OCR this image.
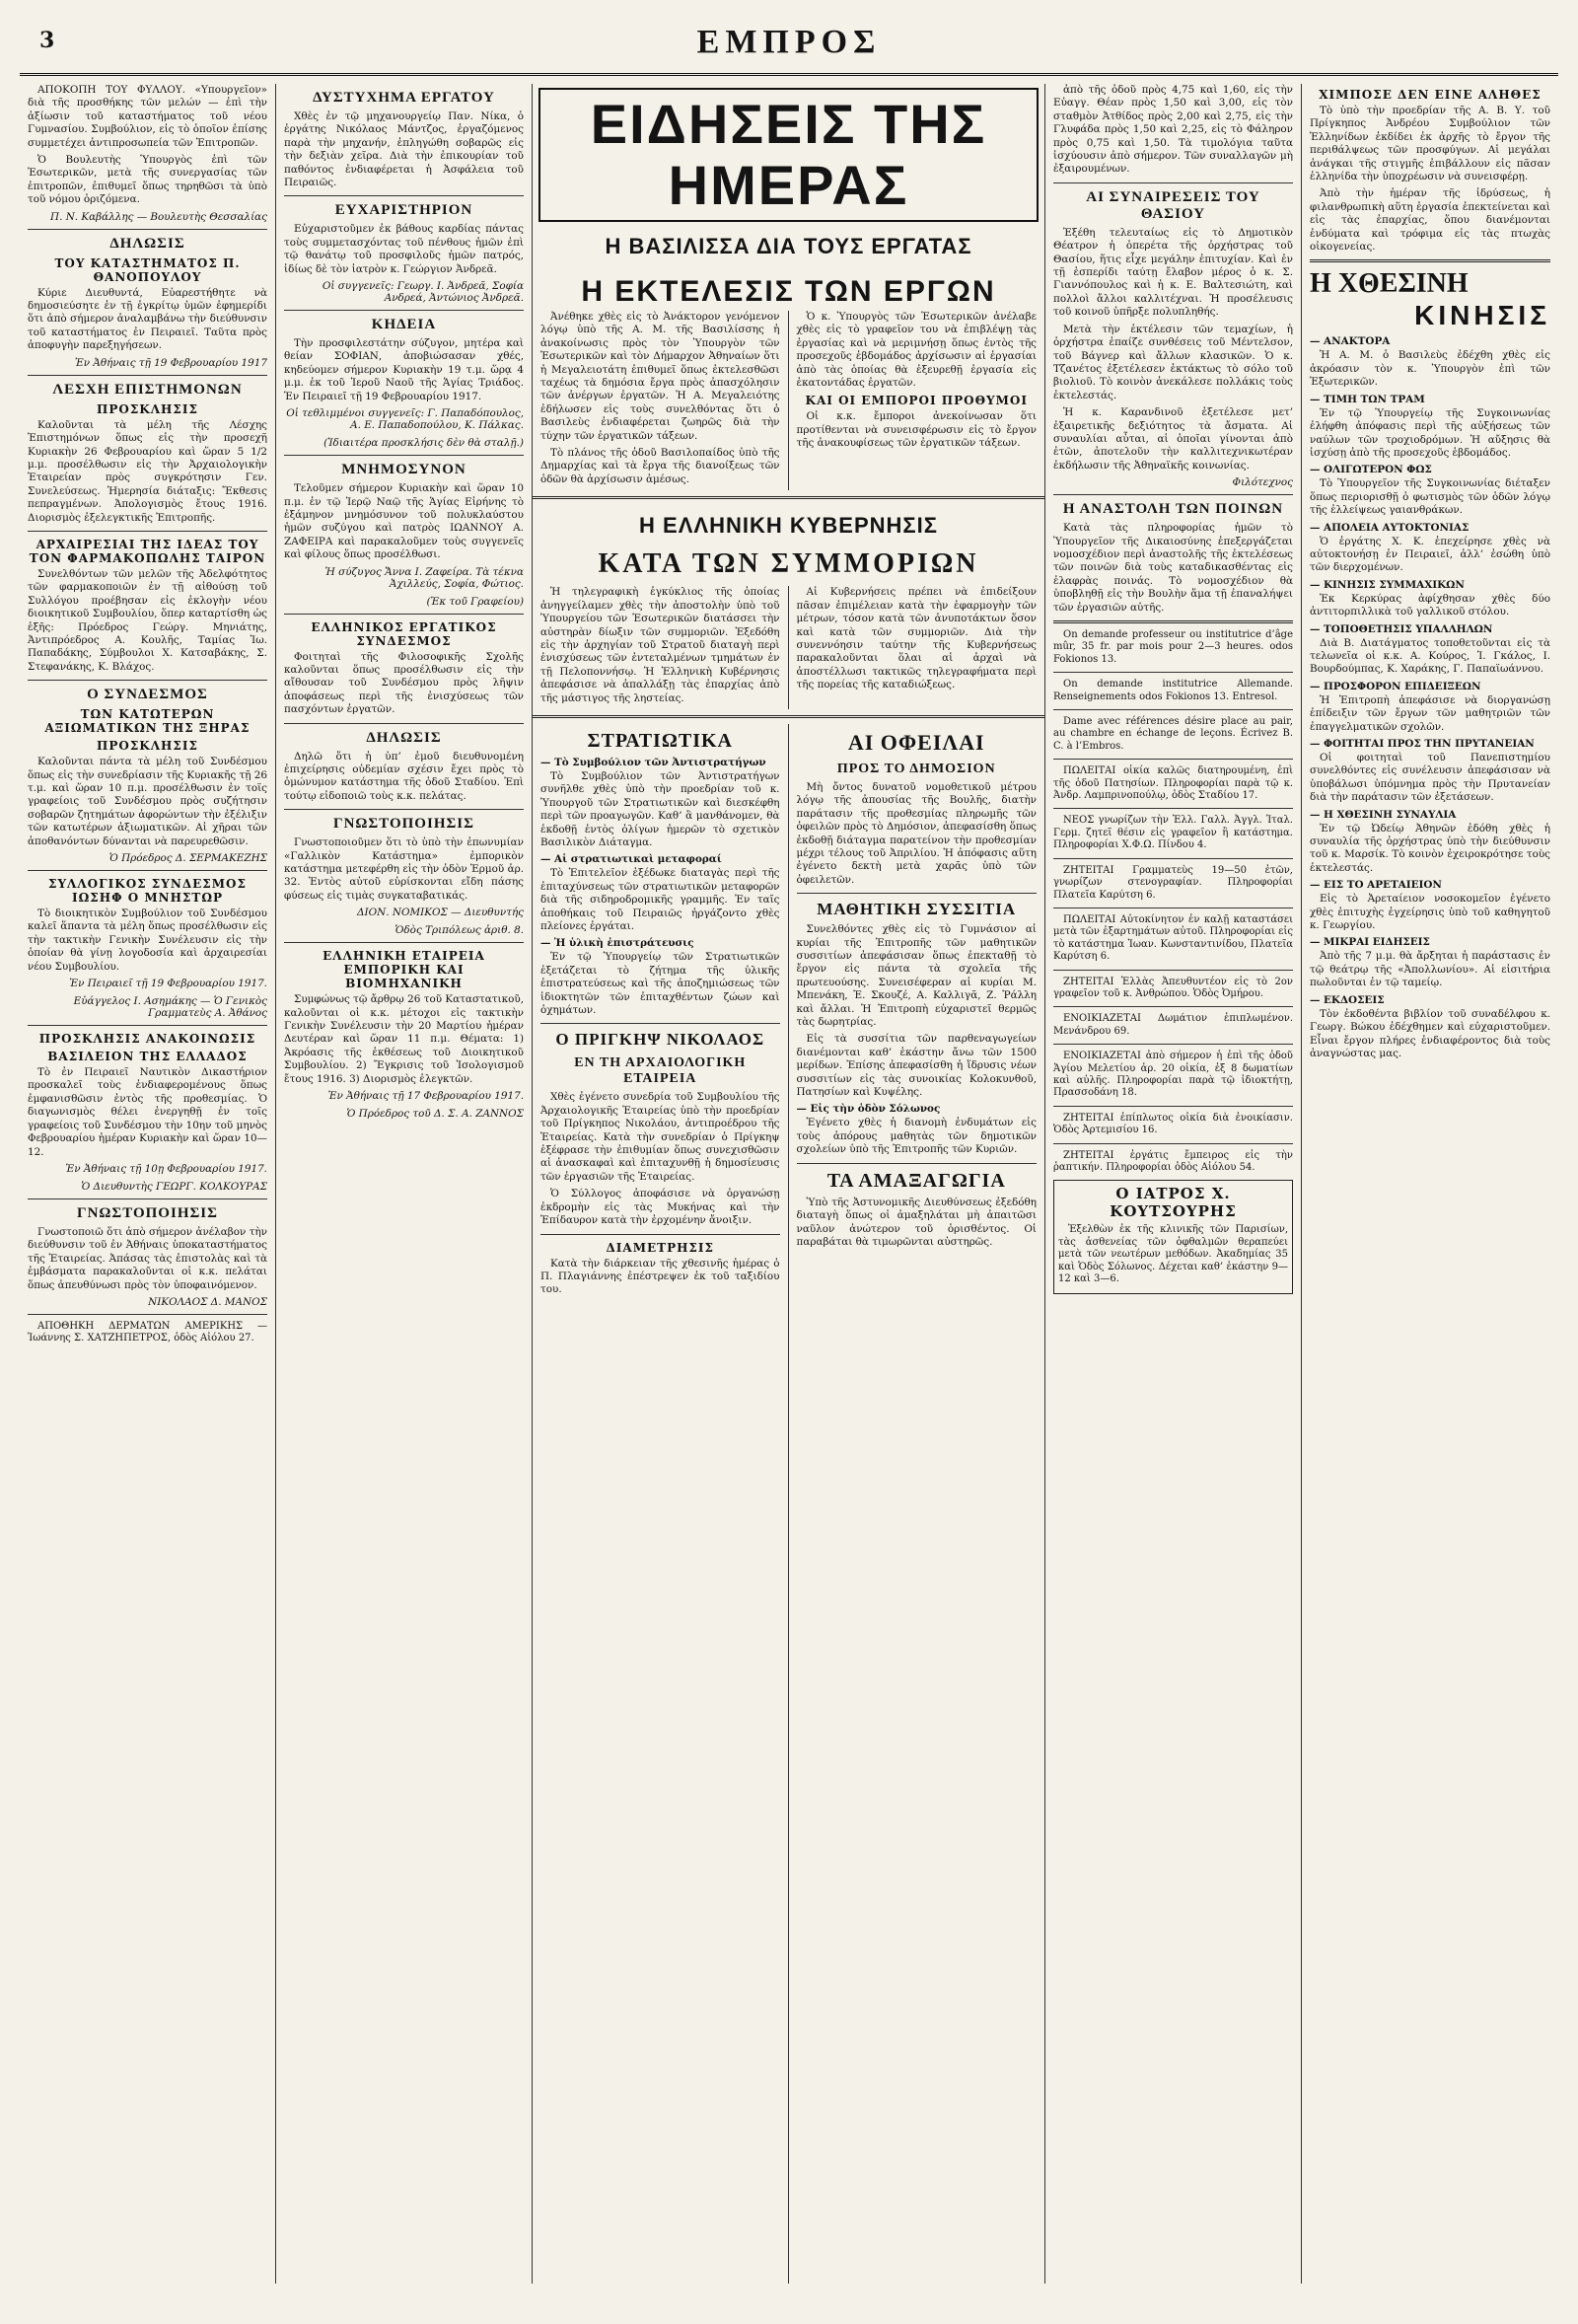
3	ΕΜΠΡΟΣ

ΑΠΟΚΟΠΗ ΤΟΥ ΦΥΛΛΟΥ. «Υπουργεῖον» διὰ τῆς προσθήκης τῶν μελών — ἐπὶ τὴν ἀξίωσιν τοῦ καταστήματος τοῦ νέου Γυμνασίου. Συμβούλιον, εἰς τὸ ὁποῖον ἐπίσης συμμετέχει ἀντιπροσωπεία τῶν Ἐπιτροπῶν.

Ὁ Βουλευτὴς Ὑπουργὸς ἐπὶ τῶν Ἐσωτερικῶν, μετὰ τῆς συνεργασίας τῶν ἐπιτροπῶν, ἐπιθυμεῖ ὅπως τηρηθῶσι τὰ ὑπὸ τοῦ νόμου ὁριζόμενα.

Π. Ν. Καβάλλης — Βουλευτὴς Θεσσαλίας
ΔΗΛΩΣΙΣ
ΤΟΥ ΚΑΤΑΣΤΗΜΑΤΟΣ Π. ΘΑΝΟΠΟΥΛΟΥ

Κύριε Διευθυντά, Εὐαρεστήθητε νὰ δημοσιεύσητε ἐν τῇ ἐγκρίτῳ ὑμῶν ἐφημερίδι ὅτι ἀπὸ σήμερον ἀναλαμβάνω τὴν διεύθυνσιν τοῦ καταστήματος ἐν Πειραιεῖ. Ταῦτα πρὸς ἀποφυγὴν παρεξηγήσεων.

Ἐν Ἀθήναις τῇ 19 Φεβρουαρίου 1917
ΛΕΣΧΗ ΕΠΙΣΤΗΜΟΝΩΝ
ΠΡΟΣΚΛΗΣΙΣ

Καλοῦνται τὰ μέλη τῆς Λέσχης Ἐπιστημόνων ὅπως εἰς τὴν προσεχῆ Κυριακὴν 26 Φεβρουαρίου καὶ ὥραν 5 1/2 μ.μ. προσέλθωσιν εἰς τὴν Ἀρχαιολογικὴν Ἑταιρείαν πρὸς συγκρότησιν Γεν. Συνελεύσεως. Ἡμερησία διάταξις: Ἔκθεσις πεπραγμένων. Ἀπολογισμὸς ἔτους 1916. Διορισμὸς ἐξελεγκτικῆς Ἐπιτροπῆς.

ΑΡΧΑΙΡΕΣΙΑΙ ΤΗΣ ΙΔΕΑΣ ΤΟΥ ΤΟΝ ΦΑΡΜΑΚΟΠΩΛΗΣ ΤΑΙΡΟΝ

Συνελθόντων τῶν μελῶν τῆς Ἀδελφότητος τῶν φαρμακοποιῶν ἐν τῇ αἰθούσῃ τοῦ Συλλόγου προέβησαν εἰς ἐκλογὴν νέου διοικητικοῦ Συμβουλίου, ὅπερ καταρτίσθη ὡς ἑξῆς: Πρόεδρος Γεώργ. Μηνιάτης, Ἀντιπρόεδρος Α. Κουλῆς, Ταμίας Ἰω. Παπαδάκης, Σύμβουλοι Χ. Κατσαβάκης, Σ. Στεφανάκης, Κ. Βλάχος.

Ο ΣΥΝΔΕΣΜΟΣ
ΤΩΝ ΚΑΤΩΤΕΡΩΝ ΑΞΙΩΜΑΤΙΚΩΝ ΤΗΣ ΞΗΡΑΣ
ΠΡΟΣΚΛΗΣΙΣ

Καλοῦνται πάντα τὰ μέλη τοῦ Συνδέσμου ὅπως εἰς τὴν συνεδρίασιν τῆς Κυριακῆς τῇ 26 τ.μ. καὶ ὥραν 10 π.μ. προσέλθωσιν ἐν τοῖς γραφείοις τοῦ Συνδέσμου πρὸς συζήτησιν σοβαρῶν ζητημάτων ἀφορώντων τὴν ἐξέλιξιν τῶν κατωτέρων ἀξιωματικῶν. Αἱ χῆραι τῶν ἀποθανόντων δύνανται νὰ παρευρεθῶσιν.

Ὁ Πρόεδρος Δ. ΣΕΡΜΑΚΕΖΗΣ
ΣΥΛΛΟΓΙΚΟΣ ΣΥΝΔΕΣΜΟΣ ΙΩΣΗΦ Ο ΜΝΗΣΤΩΡ

Τὸ διοικητικὸν Συμβούλιον τοῦ Συνδέσμου καλεῖ ἅπαντα τὰ μέλη ὅπως προσέλθωσιν εἰς τὴν τακτικὴν Γενικὴν Συνέλευσιν εἰς τὴν ὁποίαν θὰ γίνῃ λογοδοσία καὶ ἀρχαιρεσίαι νέου Συμβουλίου.

Ἐν Πειραιεῖ τῇ 19 Φεβρουαρίου 1917.
Εὐάγγελος Ι. Ασημάκης — Ὁ Γενικὸς Γραμματεὺς Α. Ἀθάνος
ΠΡΟΣΚΛΗΣΙΣ ΑΝΑΚΟΙΝΩΣΙΣ
ΒΑΣΙΛΕΙΟΝ ΤΗΣ ΕΛΛΑΔΟΣ

Τὸ ἐν Πειραιεῖ Ναυτικὸν Δικαστήριον προσκαλεῖ τοὺς ἐνδιαφερομένους ὅπως ἐμφανισθῶσιν ἐντὸς τῆς προθεσμίας. Ὁ διαγωνισμὸς θέλει ἐνεργηθῇ ἐν τοῖς γραφείοις τοῦ Συνδέσμου τὴν 10ην τοῦ μηνὸς Φεβρουαρίου ἡμέραν Κυριακὴν καὶ ὥραν 10—12.

Ἐν Ἀθήναις τῇ 10ῃ Φεβρουαρίου 1917.
Ὁ Διευθυντὴς ΓΕΩΡΓ. ΚΟΛΚΟΥΡΑΣ
ΓΝΩΣΤΟΠΟΙΗΣΙΣ

Γνωστοποιῶ ὅτι ἀπὸ σήμερον ἀνέλαβον τὴν διεύθυνσιν τοῦ ἐν Ἀθήναις ὑποκαταστήματος τῆς Ἑταιρείας. Ἀπάσας τὰς ἐπιστολὰς καὶ τὰ ἐμβάσματα παρακαλοῦνται οἱ κ.κ. πελάται ὅπως ἀπευθύνωσι πρὸς τὸν ὑποφαινόμενον.

ΝΙΚΟΛΑΟΣ Δ. ΜΑΝΟΣ

ΑΠΟΘΗΚΗ ΔΕΡΜΑΤΩΝ ΑΜΕΡΙΚΗΣ — Ἰωάννης Σ. ΧΑΤΖΗΠΕΤΡΟΣ, ὁδὸς Αἰόλου 27.

ΔΥΣΤΥΧΗΜΑ ΕΡΓΑΤΟΥ

Χθὲς ἐν τῷ μηχανουργείῳ Παν. Νίκα, ὁ ἐργάτης Νικόλαος Μάντζος, ἐργαζόμενος παρὰ τὴν μηχανήν, ἐπληγώθη σοβαρῶς εἰς τὴν δεξιὰν χεῖρα. Διὰ τὴν ἐπικουρίαν τοῦ παθόντος ἐνδιαφέρεται ἡ Ἀσφάλεια τοῦ Πειραιῶς.

ΕΥΧΑΡΙΣΤΗΡΙΟΝ

Εὐχαριστοῦμεν ἐκ βάθους καρδίας πάντας τοὺς συμμετασχόντας τοῦ πένθους ἡμῶν ἐπὶ τῷ θανάτῳ τοῦ προσφιλοῦς ἡμῶν πατρός, ἰδίως δὲ τὸν ἰατρὸν κ. Γεώργιον Ἀνδρεᾶ.

Οἱ συγγενεῖς: Γεωργ. Ι. Ἀνδρεᾶ, Σοφία Ανδρεά, Ἀντώνιος Ἀνδρεᾶ.
ΚΗΔΕΙΑ

Τὴν προσφιλεστάτην σύζυγον, μητέρα καὶ θείαν ΣΟΦΙΑΝ, ἀποβιώσασαν χθές, κηδεύομεν σήμερον Κυριακὴν 19 τ.μ. ὥρᾳ 4 μ.μ. ἐκ τοῦ Ἱεροῦ Ναοῦ τῆς Ἁγίας Τριάδος. Ἐν Πειραιεῖ τῇ 19 Φεβρουαρίου 1917.

Οἱ τεθλιμμένοι συγγενεῖς: Γ. Παπαδόπουλος, Α. Ε. Παπαδοπούλου, Κ. Πάλκας.
(Ἰδιαιτέρα προσκλήσις δὲν θὰ σταλῇ.)
ΜΝΗΜΟΣΥΝΟΝ

Τελοῦμεν σήμερον Κυριακὴν καὶ ὥραν 10 π.μ. ἐν τῷ Ἱερῷ Ναῷ τῆς Ἁγίας Εἰρήνης τὸ ἐξάμηνον μνημόσυνον τοῦ πολυκλαύστου ἡμῶν συζύγου καὶ πατρὸς ΙΩΑΝΝΟΥ Α. ΖΑΦΕΙΡΑ καὶ παρακαλοῦμεν τοὺς συγγενεῖς καὶ φίλους ὅπως προσέλθωσι.

Ἡ σύζυγος Ἄννα Ι. Ζαφείρα. Τὰ τέκνα Ἀχιλλεύς, Σοφία, Φώτιος.
(Ἐκ τοῦ Γραφείου)
ΕΛΛΗΝΙΚΟΣ ΕΡΓΑΤΙΚΟΣ ΣΥΝΔΕΣΜΟΣ

Φοιτηταὶ τῆς Φιλοσοφικῆς Σχολῆς καλοῦνται ὅπως προσέλθωσιν εἰς τὴν αἴθουσαν τοῦ Συνδέσμου πρὸς λῆψιν ἀποφάσεως περὶ τῆς ἐνισχύσεως τῶν πασχόντων ἐργατῶν.

ΔΗΛΩΣΙΣ

Δηλῶ ὅτι ἡ ὑπ’ ἐμοῦ διευθυνομένη ἐπιχείρησις οὐδεμίαν σχέσιν ἔχει πρὸς τὸ ὁμώνυμον κατάστημα τῆς ὁδοῦ Σταδίου. Ἐπὶ τούτῳ εἰδοποιῶ τοὺς κ.κ. πελάτας.

ΓΝΩΣΤΟΠΟΙΗΣΙΣ

Γνωστοποιοῦμεν ὅτι τὸ ὑπὸ τὴν ἐπωνυμίαν «Γαλλικὸν Κατάστημα» ἐμπορικὸν κατάστημα μετεφέρθη εἰς τὴν ὁδὸν Ἑρμοῦ ἀρ. 32. Ἐντὸς αὐτοῦ εὑρίσκονται εἴδη πάσης φύσεως εἰς τιμὰς συγκαταβατικάς.

ΔΙΟΝ. ΝΟΜΙΚΟΣ — Διευθυντής
Ὁδὸς Τριπόλεως ἀριθ. 8.
ΕΛΛΗΝΙΚΗ ΕΤΑΙΡΕΙΑ ΕΜΠΟΡΙΚΗ ΚΑΙ ΒΙΟΜΗΧΑΝΙΚΗ

Συμφώνως τῷ ἄρθρῳ 26 τοῦ Καταστατικοῦ, καλοῦνται οἱ κ.κ. μέτοχοι εἰς τακτικὴν Γενικὴν Συνέλευσιν τὴν 20 Μαρτίου ἡμέραν Δευτέραν καὶ ὥραν 11 π.μ. Θέματα: 1) Ἀκρόασις τῆς ἐκθέσεως τοῦ Διοικητικοῦ Συμβουλίου. 2) Ἔγκρισις τοῦ Ἰσολογισμοῦ ἔτους 1916. 3) Διορισμὸς ἐλεγκτῶν.

Ἐν Ἀθήναις τῇ 17 Φεβρουαρίου 1917.
Ὁ Πρόεδρος τοῦ Δ. Σ. Α. ΖΑΝΝΟΣ
ΕΙΔΗΣΕΙΣ ΤΗΣ ΗΜΕΡΑΣ
Η ΒΑΣΙΛΙΣΣΑ ΔΙΑ ΤΟΥΣ ΕΡΓΑΤΑΣ
Η ΕΚΤΕΛΕΣΙΣ ΤΩΝ ΕΡΓΩΝ

Ἀνέθηκε χθὲς εἰς τὸ Ἀνάκτορον γενόμενον λόγῳ ὑπὸ τῆς Α. Μ. τῆς Βασιλίσσης ἡ ἀνακοίνωσις πρὸς τὸν Ὑπουργὸν τῶν Ἐσωτερικῶν καὶ τὸν Δήμαρχον Ἀθηναίων ὅτι ἡ Μεγαλειοτάτη ἐπιθυμεῖ ὅπως ἐκτελεσθῶσι ταχέως τὰ δημόσια ἔργα πρὸς ἀπασχόλησιν τῶν ἀνέργων ἐργατῶν. Ἡ Α. Μεγαλειότης ἐδήλωσεν εἰς τοὺς συνελθόντας ὅτι ὁ Βασιλεὺς ἐνδιαφέρεται ζωηρῶς διὰ τὴν τύχην τῶν ἐργατικῶν τάξεων.

Τὸ πλάνος τῆς ὁδοῦ Βασιλοπαίδος ὑπὸ τῆς Δημαρχίας καὶ τὰ ἔργα τῆς διανοίξεως τῶν ὁδῶν θὰ ἀρχίσωσιν ἀμέσως.

Ὁ κ. Ὑπουργὸς τῶν Ἐσωτερικῶν ἀνέλαβε χθὲς εἰς τὸ γραφεῖον του νὰ ἐπιβλέψῃ τὰς ἐργασίας καὶ νὰ μεριμνήσῃ ὅπως ἐντὸς τῆς προσεχοῦς ἑβδομάδος ἀρχίσωσιν αἱ ἐργασίαι ἀπὸ τὰς ὁποίας θὰ ἐξευρεθῇ ἐργασία εἰς ἑκατοντάδας ἐργατῶν.

ΚΑΙ ΟΙ ΕΜΠΟΡΟΙ ΠΡΟΘΥΜΟΙ

Οἱ κ.κ. ἔμποροι ἀνεκοίνωσαν ὅτι προτίθενται νὰ συνεισφέρωσιν εἰς τὸ ἔργον τῆς ἀνακουφίσεως τῶν ἐργατικῶν τάξεων.

Η ΕΛΛΗΝΙΚΗ ΚΥΒΕΡΝΗΣΙΣ
ΚΑΤΑ ΤΩΝ ΣΥΜΜΟΡΙΩΝ

Ἡ τηλεγραφικὴ ἐγκύκλιος τῆς ὁποίας ἀνηγγείλαμεν χθὲς τὴν ἀποστολὴν ὑπὸ τοῦ Ὑπουργείου τῶν Ἐσωτερικῶν διατάσσει τὴν αὐστηρὰν δίωξιν τῶν συμμοριῶν. Ἐξεδόθη εἰς τὴν ἀρχηγίαν τοῦ Στρατοῦ διαταγὴ περὶ ἐνισχύσεως τῶν ἐντεταλμένων τμημάτων ἐν τῇ Πελοποννήσῳ. Ἡ Ἑλληνικὴ Κυβέρνησις ἀπεφάσισε νὰ ἀπαλλάξῃ τὰς ἐπαρχίας ἀπὸ τῆς μάστιγος τῆς ληστείας.

Αἱ Κυβερνήσεις πρέπει νὰ ἐπιδείξουν πᾶσαν ἐπιμέλειαν κατὰ τὴν ἐφαρμογὴν τῶν μέτρων, τόσον κατὰ τῶν ἀνυποτάκτων ὅσον καὶ κατὰ τῶν συμμοριῶν. Διὰ τὴν συνεννόησιν ταύτην τῆς Κυβερνήσεως παρακαλοῦνται ὅλαι αἱ ἀρχαὶ νὰ ἀποστέλλωσι τακτικῶς τηλεγραφήματα περὶ τῆς πορείας τῆς καταδιώξεως.

ΣΤΡΑΤΙΩΤΙΚΑ
— Τὸ Συμβούλιον τῶν Ἀντιστρατήγων

Τὸ Συμβούλιον τῶν Ἀντιστρατήγων συνῆλθε χθὲς ὑπὸ τὴν προεδρίαν τοῦ κ. Ὑπουργοῦ τῶν Στρατιωτικῶν καὶ διεσκέφθη περὶ τῶν προαγωγῶν. Καθ’ ἃ μανθάνομεν, θὰ ἐκδοθῇ ἐντὸς ὀλίγων ἡμερῶν τὸ σχετικὸν Βασιλικὸν Διάταγμα.

— Αἱ στρατιωτικαὶ μεταφοραί

Τὸ Ἐπιτελεῖον ἐξέδωκε διαταγὰς περὶ τῆς ἐπιταχύνσεως τῶν στρατιωτικῶν μεταφορῶν διὰ τῆς σιδηροδρομικῆς γραμμῆς. Ἐν ταῖς ἀποθήκαις τοῦ Πειραιῶς ἠργάζοντο χθὲς πλείονες ἐργάται.

— Ἡ ὑλικὴ ἐπιστράτευσις

Ἐν τῷ Ὑπουργείῳ τῶν Στρατιωτικῶν ἐξετάζεται τὸ ζήτημα τῆς ὑλικῆς ἐπιστρατεύσεως καὶ τῆς ἀποζημιώσεως τῶν ἰδιοκτητῶν τῶν ἐπιταχθέντων ζώων καὶ ὀχημάτων.

Ο ΠΡΙΓΚΗΨ ΝΙΚΟΛΑΟΣ
ΕΝ ΤΗ ΑΡΧΑΙΟΛΟΓΙΚΗ ΕΤΑΙΡΕΙΑ

Χθὲς ἐγένετο συνεδρία τοῦ Συμβουλίου τῆς Ἀρχαιολογικῆς Ἑταιρείας ὑπὸ τὴν προεδρίαν τοῦ Πρίγκηπος Νικολάου, ἀντιπροέδρου τῆς Ἑταιρείας. Κατὰ τὴν συνεδρίαν ὁ Πρίγκηψ ἐξέφρασε τὴν ἐπιθυμίαν ὅπως συνεχισθῶσιν αἱ ἀνασκαφαὶ καὶ ἐπιταχυνθῇ ἡ δημοσίευσις τῶν ἐργασιῶν τῆς Ἑταιρείας.

Ὁ Σύλλογος ἀποφάσισε νὰ ὀργανώσῃ ἐκδρομὴν εἰς τὰς Μυκήνας καὶ τὴν Ἐπίδαυρον κατὰ τὴν ἐρχομένην ἄνοιξιν.

ΔΙΑΜΕΤΡΗΣΙΣ

Κατὰ τὴν διάρκειαν τῆς χθεσινῆς ἡμέρας ὁ Π. Πλαγιάννης ἐπέστρεψεν ἐκ τοῦ ταξιδίου του.

ΑΙ ΟΦΕΙΛΑΙ
ΠΡΟΣ ΤΟ ΔΗΜΟΣΙΟΝ

Μὴ ὄντος δυνατοῦ νομοθετικοῦ μέτρου λόγῳ τῆς ἀπουσίας τῆς Βουλῆς, διατὴν παράτασιν τῆς προθεσμίας πληρωμῆς τῶν ὀφειλῶν πρὸς τὸ Δημόσιον, ἀπεφασίσθη ὅπως ἐκδοθῇ διάταγμα παρατείνον τὴν προθεσμίαν μέχρι τέλους τοῦ Ἀπριλίου. Ἡ ἀπόφασις αὕτη ἐγένετο δεκτὴ μετὰ χαρᾶς ὑπὸ τῶν ὀφειλετῶν.

ΜΑΘΗΤΙΚΗ ΣΥΣΣΙΤΙΑ

Συνελθόντες χθὲς εἰς τὸ Γυμνάσιον αἱ κυρίαι τῆς Ἐπιτροπῆς τῶν μαθητικῶν συσσιτίων ἀπεφάσισαν ὅπως ἐπεκταθῇ τὸ ἔργον εἰς πάντα τὰ σχολεῖα τῆς πρωτευούσης. Συνεισέφεραν αἱ κυρίαι Μ. Μπενάκη, Ἑ. Σκουζέ, Α. Καλλιγᾶ, Ζ. Ῥάλλη καὶ ἄλλαι. Ἡ Ἐπιτροπὴ εὐχαριστεῖ θερμῶς τὰς δωρητρίας.

Εἰς τὰ συσσίτια τῶν παρθεναγωγείων διανέμονται καθ’ ἑκάστην ἄνω τῶν 1500 μερίδων. Ἐπίσης ἀπεφασίσθη ἡ ἵδρυσις νέων συσσιτίων εἰς τὰς συνοικίας Κολοκυνθοῦ, Πατησίων καὶ Κυψέλης.

— Εἰς τὴν ὁδὸν Σόλωνος

Ἐγένετο χθὲς ἡ διανομὴ ἐνδυμάτων εἰς τοὺς ἀπόρους μαθητὰς τῶν δημοτικῶν σχολείων ὑπὸ τῆς Ἐπιτροπῆς τῶν Κυριῶν.

ΤΑ ΑΜΑΞΑΓΩΓΙΑ

Ὑπὸ τῆς Ἀστυνομικῆς Διευθύνσεως ἐξεδόθη διαταγὴ ὅπως οἱ ἀμαξηλάται μὴ ἀπαιτῶσι ναῦλον ἀνώτερον τοῦ ὁρισθέντος. Οἱ παραβάται θὰ τιμωρῶνται αὐστηρῶς.

ἀπὸ τῆς ὁδοῦ πρὸς 4,75 καὶ 1,60, εἰς τὴν Εὐαγγ. Θέαν πρὸς 1,50 καὶ 3,00, εἰς τὸν σταθμὸν Ἀτθίδος πρὸς 2,00 καὶ 2,75, εἰς τὴν Γλυφάδα πρὸς 1,50 καὶ 2,25, εἰς τὸ Φάληρον πρὸς 0,75 καὶ 1,50. Τὰ τιμολόγια ταῦτα ἰσχύουσιν ἀπὸ σήμερον. Τῶν συναλλαγῶν μὴ ἐξαιρουμένων.

ΑΙ ΣΥΝΑΙΡΕΣΕΙΣ ΤΟΥ ΘΑΣΙΟΥ

Ἐξέθη τελευταίως εἰς τὸ Δημοτικὸν Θέατρον ἡ ὀπερέτα τῆς ὀρχήστρας τοῦ Θασίου, ἥτις εἶχε μεγάλην ἐπιτυχίαν. Καὶ ἐν τῇ ἑσπερίδι ταύτῃ ἔλαβον μέρος ὁ κ. Σ. Γιαννόπουλος καὶ ἡ κ. Ε. Βαλτεσιώτη, καὶ πολλοὶ ἄλλοι καλλιτέχναι. Ἡ προσέλευσις τοῦ κοινοῦ ὑπῆρξε πολυπληθής.

Μετὰ τὴν ἐκτέλεσιν τῶν τεμαχίων, ἡ ὀρχήστρα ἐπαίζε συνθέσεις τοῦ Μέντελσον, τοῦ Βάγνερ καὶ ἄλλων κλασικῶν. Ὁ κ. Τζανέτος ἐξετέλεσεν ἐκτάκτως τὸ σόλο τοῦ βιολιοῦ. Τὸ κοινὸν ἀνεκάλεσε πολλάκις τοὺς ἐκτελεστάς.

Ἡ κ. Καρανδινοῦ ἐξετέλεσε μετ’ ἐξαιρετικῆς δεξιότητος τὰ ἄσματα. Αἱ συναυλίαι αὗται, αἱ ὁποῖαι γίνονται ἀπὸ ἐτῶν, ἀποτελοῦν τὴν καλλιτεχνικωτέραν ἐκδήλωσιν τῆς Ἀθηναϊκῆς κοινωνίας.

Φιλότεχνος
Η ΑΝΑΣΤΟΛΗ ΤΩΝ ΠΟΙΝΩΝ

Κατὰ τὰς πληροφορίας ἡμῶν τὸ Ὑπουργεῖον τῆς Δικαιοσύνης ἐπεξεργάζεται νομοσχέδιον περὶ ἀναστολῆς τῆς ἐκτελέσεως τῶν ποινῶν διὰ τοὺς καταδικασθέντας εἰς ἐλαφρὰς ποινάς. Τὸ νομοσχέδιον θὰ ὑποβληθῇ εἰς τὴν Βουλὴν ἅμα τῇ ἐπαναλήψει τῶν ἐργασιῶν αὐτῆς.

On demande professeur ou institutrice d’âge mûr, 35 fr. par mois pour 2—3 heures. odos Fokionos 13.

On demande institutrice Allemande. Renseignements odos Fokionos 13. Entresol.

Dame avec références désire place au pair, au chambre en échange de leçons. Écrivez B. C. à l’Embros.

ΠΩΛΕΙΤΑΙ οἰκία καλῶς διατηρουμένη, ἐπὶ τῆς ὁδοῦ Πατησίων. Πληροφορίαι παρὰ τῷ κ. Ἀνδρ. Λαμπρινοπούλῳ, ὁδὸς Σταδίου 17.

ΝΕΟΣ γνωρίζων τὴν Ἑλλ. Γαλλ. Ἀγγλ. Ἰταλ. Γερμ. ζητεῖ θέσιν εἰς γραφεῖον ἢ κατάστημα. Πληροφορίαι Χ.Φ.Ω. Πίνδου 4.

ΖΗΤΕΙΤΑΙ Γραμματεὺς 19—50 ἐτῶν, γνωρίζων στενογραφίαν. Πληροφορίαι Πλατεῖα Καρύτση 6.

ΠΩΛΕΙΤΑΙ Αὐτοκίνητον ἐν καλῇ καταστάσει μετὰ τῶν ἐξαρτημάτων αὐτοῦ. Πληροφορίαι εἰς τὸ κατάστημα Ἰωαν. Κωνσταντινίδου, Πλατεῖα Καρύτση 6.

ΖΗΤΕΙΤΑΙ Ἑλλὰς Ἀπευθυντέον εἰς τὸ 2ον γραφεῖον τοῦ κ. Ἀνθρώπου. Ὁδὸς Ὀμήρου.

ΕΝΟΙΚΙΑΖΕΤΑΙ Δωμάτιον ἐπιπλωμένον. Μενάνδρου 69.

ΕΝΟΙΚΙΑΖΕΤΑΙ ἀπὸ σήμερον ἡ ἐπὶ τῆς ὁδοῦ Ἁγίου Μελετίου ἀρ. 20 οἰκία, ἐξ 8 δωματίων καὶ αὐλῆς. Πληροφορίαι παρὰ τῷ ἰδιοκτήτῃ, Πρασσοδάνη 18.

ΖΗΤΕΙΤΑΙ ἐπίπλωτος οἰκία διὰ ἐνοικίασιν. Ὁδὸς Ἀρτεμισίου 16.

ΖΗΤΕΙΤΑΙ ἐργάτις ἔμπειρος εἰς τὴν ῥαπτικήν. Πληροφορίαι ὁδὸς Αἰόλου 54.

Ο ΙΑΤΡΟΣ Χ. ΚΟΥΤΣΟΥΡΗΣ

Ἐξελθὼν ἐκ τῆς κλινικῆς τῶν Παρισίων, τὰς ἀσθενείας τῶν ὀφθαλμῶν θεραπεύει μετὰ τῶν νεωτέρων μεθόδων. Ἀκαδημίας 35 καὶ Ὁδὸς Σόλωνος. Δέχεται καθ’ ἑκάστην 9—12 καὶ 3—6.

ΧΙΜΠΟΣΕ ΔΕΝ ΕΙΝΕ ΑΛΗΘΕΣ

Τὸ ὑπὸ τὴν προεδρίαν τῆς Α. Β. Υ. τοῦ Πρίγκηπος Ἀνδρέου Συμβούλιον τῶν Ἑλληνίδων ἐκδίδει ἐκ ἀρχῆς τὸ ἔργον τῆς περιθάλψεως τῶν προσφύγων. Αἱ μεγάλαι ἀνάγκαι τῆς στιγμῆς ἐπιβάλλουν εἰς πᾶσαν ἑλληνίδα τὴν ὑποχρέωσιν νὰ συνεισφέρῃ.

Ἀπὸ τὴν ἡμέραν τῆς ἱδρύσεως, ἡ φιλανθρωπικὴ αὕτη ἐργασία ἐπεκτείνεται καὶ εἰς τὰς ἐπαρχίας, ὅπου διανέμονται ἐνδύματα καὶ τρόφιμα εἰς τὰς πτωχὰς οἰκογενείας.

Η ΧΘΕΣΙΝΗ
ΚΙΝΗΣΙΣ
— ΑΝΑΚΤΟΡΑ

Ἡ Α. Μ. ὁ Βασιλεὺς ἐδέχθη χθὲς εἰς ἀκρόασιν τὸν κ. Ὑπουργὸν ἐπὶ τῶν Ἐξωτερικῶν.

— ΤΙΜΗ ΤΩΝ ΤΡΑΜ

Ἐν τῷ Ὑπουργείῳ τῆς Συγκοινωνίας ἐλήφθη ἀπόφασις περὶ τῆς αὐξήσεως τῶν ναύλων τῶν τροχιοδρόμων. Ἡ αὔξησις θὰ ἰσχύσῃ ἀπὸ τῆς προσεχοῦς ἑβδομάδος.

— ΟΛΙΓΩΤΕΡΟΝ ΦΩΣ

Τὸ Ὑπουργεῖον τῆς Συγκοινωνίας διέταξεν ὅπως περιορισθῇ ὁ φωτισμὸς τῶν ὁδῶν λόγῳ τῆς ἐλλείψεως γαιανθράκων.

— ΑΠΟΛΕΙΑ ΑΥΤΟΚΤΟΝΙΑΣ

Ὁ ἐργάτης Χ. Κ. ἐπεχείρησε χθὲς νὰ αὐτοκτονήσῃ ἐν Πειραιεῖ, ἀλλ’ ἐσώθη ὑπὸ τῶν διερχομένων.

— ΚΙΝΗΣΙΣ ΣΥΜΜΑΧΙΚΩΝ

Ἐκ Κερκύρας ἀφίχθησαν χθὲς δύο ἀντιτορπιλλικὰ τοῦ γαλλικοῦ στόλου.

— ΤΟΠΟΘΕΤΗΣΙΣ ΥΠΑΛΛΗΛΩΝ

Διὰ Β. Διατάγματος τοποθετοῦνται εἰς τὰ τελωνεῖα οἱ κ.κ. Α. Κούρος, Ἰ. Γκάλος, Ι. Βουρδούμπας, Κ. Χαράκης, Γ. Παπαϊωάννου.

— ΠΡΟΣΦΟΡΟΝ ΕΠΙΔΕΙΞΕΩΝ

Ἡ Ἐπιτροπὴ ἀπεφάσισε νὰ διοργανώσῃ ἐπίδειξιν τῶν ἔργων τῶν μαθητριῶν τῶν ἐπαγγελματικῶν σχολῶν.

— ΦΟΙΤΗΤΑΙ ΠΡΟΣ ΤΗΝ ΠΡΥΤΑΝΕΙΑΝ

Οἱ φοιτηταὶ τοῦ Πανεπιστημίου συνελθόντες εἰς συνέλευσιν ἀπεφάσισαν νὰ ὑποβάλωσι ὑπόμνημα πρὸς τὴν Πρυτανείαν διὰ τὴν παράτασιν τῶν ἐξετάσεων.

— Η ΧΘΕΣΙΝΗ ΣΥΝΑΥΛΙΑ

Ἐν τῷ Ὠδείῳ Ἀθηνῶν ἐδόθη χθὲς ἡ συναυλία τῆς ὀρχήστρας ὑπὸ τὴν διεύθυνσιν τοῦ κ. Μαρσίκ. Τὸ κοινὸν ἐχειροκρότησε τοὺς ἐκτελεστάς.

— ΕΙΣ ΤΟ ΑΡΕΤΑΙΕΙΟΝ

Εἰς τὸ Ἀρεταίειον νοσοκομεῖον ἐγένετο χθὲς ἐπιτυχὴς ἐγχείρησις ὑπὸ τοῦ καθηγητοῦ κ. Γεωργίου.

— ΜΙΚΡΑΙ ΕΙΔΗΣΕΙΣ

Ἀπὸ τῆς 7 μ.μ. θὰ ἄρξηται ἡ παράστασις ἐν τῷ θεάτρῳ τῆς «Ἀπολλωνίου». Αἱ εἰσιτήρια πωλοῦνται ἐν τῷ ταμείῳ.

— ΕΚΔΟΣΕΙΣ

Τὸν ἐκδοθέντα βιβλίον τοῦ συναδέλφου κ. Γεωργ. Βώκου ἐδέχθημεν καὶ εὐχαριστοῦμεν. Εἶναι ἔργον πλήρες ἐνδιαφέροντος διὰ τοὺς ἀναγνώστας μας.
